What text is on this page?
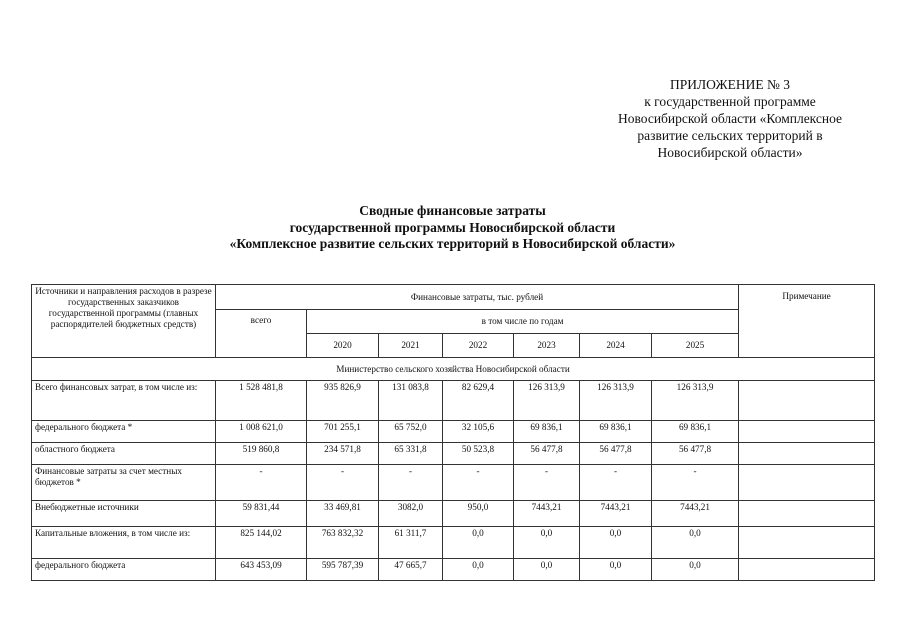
ПРИЛОЖЕНИЕ № 3
к государственной программе
Новосибирской области «Комплексное
развитие сельских территорий в
Новосибирской области»
Сводные финансовые затраты
государственной программы Новосибирской области
«Комплексное развитие сельских территорий в Новосибирской области»
Источники и направления расходов в разрезе государственных заказчиков государственной программы (главных распорядителей бюджетных средств)	Финансовые затраты, тыс. рублей							Примечание
	всего	в том числе по годам						
		2020	2021	2022	2023	2024	2025	
Министерство сельского хозяйства Новосибирской области								
Всего финансовых затрат, в том числе из:	1 528 481,8	935 826,9	131 083,8	82 629,4	126 313,9	126 313,9	126 313,9	
федерального бюджета *	1 008 621,0	701 255,1	65 752,0	32 105,6	69 836,1	69 836,1	69 836,1	
областного бюджета	519 860,8	234 571,8	65 331,8	50 523,8	56 477,8	56 477,8	56 477,8	
Финансовые затраты за счет местных бюджетов *	-	-	-	-	-	-	-	
Внебюджетные источники	59 831,44	33 469,81	3082,0	950,0	7443,21	7443,21	7443,21	
Капитальные вложения, в том числе из:	825 144,02	763 832,32	61 311,7	0,0	0,0	0,0	0,0	
федерального бюджета	643 453,09	595 787,39	47 665,7	0,0	0,0	0,0	0,0	
